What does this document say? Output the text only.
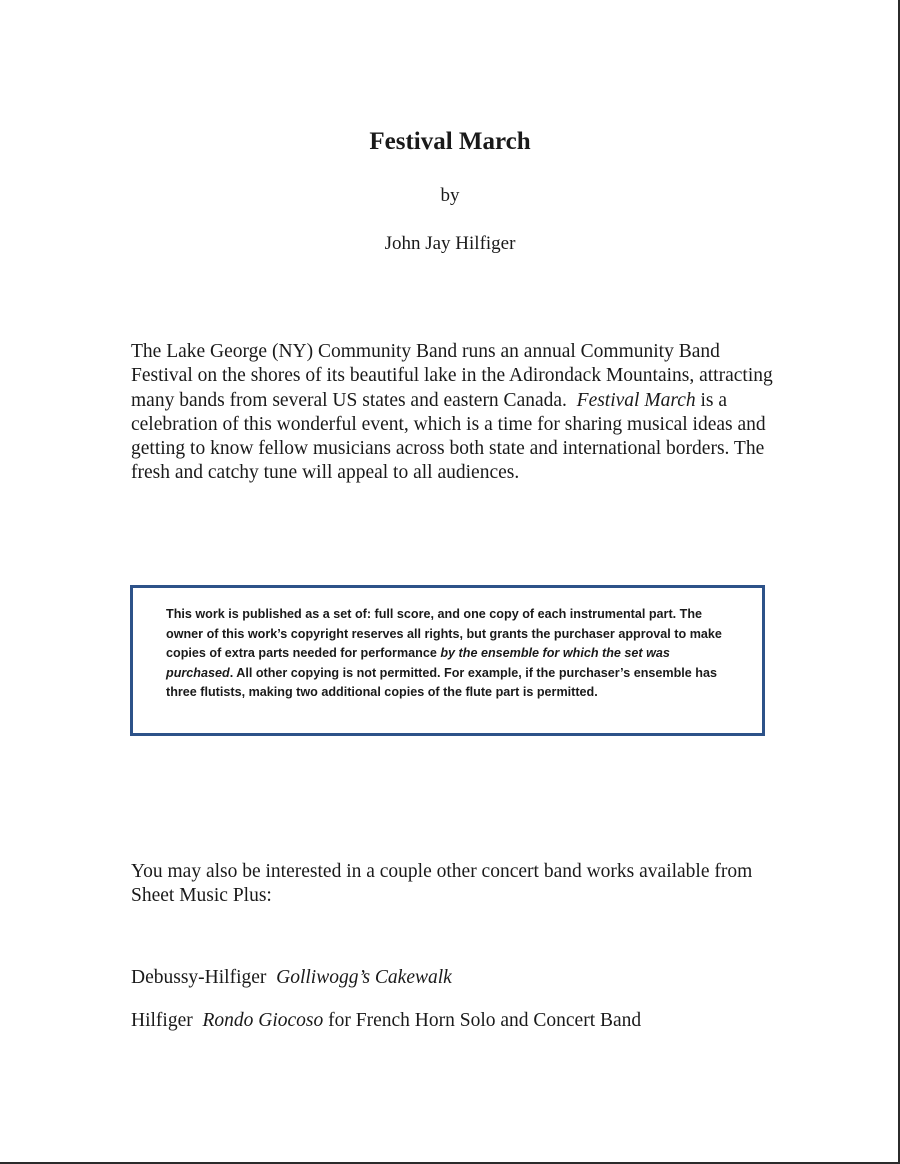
Festival March
by
John Jay Hilfiger

The Lake George (NY) Community Band runs an annual Community Band Festival on the shores of its beautiful lake in the Adirondack Mountains, attracting many bands from several US states and eastern Canada. Festival March is a celebration of this wonderful event, which is a time for sharing musical ideas and getting to know fellow musicians across both state and international borders. The fresh and catchy tune will appeal to all audiences.

This work is published as a set of: full score, and one copy of each instrumental part. The owner of this work’s copyright reserves all rights, but grants the purchaser approval to make copies of extra parts needed for performance by the ensemble for which the set was purchased. All other copying is not permitted. For example, if the purchaser’s ensemble has three flutists, making two additional copies of the flute part is permitted.

You may also be interested in a couple other concert band works available from Sheet Music Plus:

Debussy-Hilfiger Golliwogg’s Cakewalk

Hilfiger Rondo Giocoso for French Horn Solo and Concert Band
